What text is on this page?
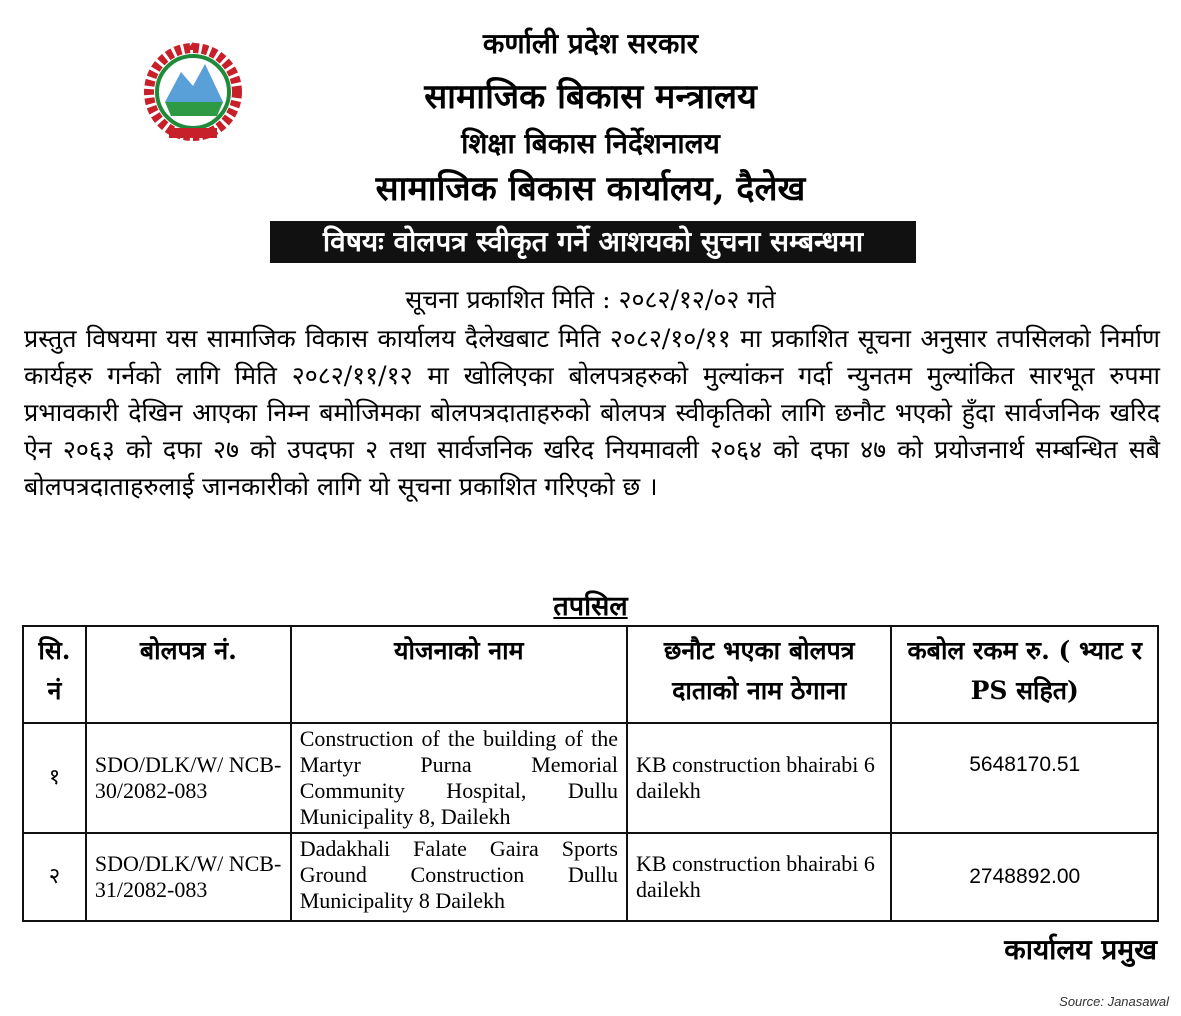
कर्णाली प्रदेश सरकार
सामाजिक बिकास मन्त्रालय
शिक्षा बिकास निर्देशनालय
सामाजिक बिकास कार्यालय, दैलेख
विषयः वोलपत्र स्वीकृत गर्ने आशयको सुचना सम्बन्धमा
सूचना प्रकाशित मिति : २०८२/१२/०२ गते
प्रस्तुत विषयमा यस सामाजिक विकास कार्यालय दैलेखबाट मिति २०८२/१०/११ मा प्रकाशित सूचना अनुसार तपसिलको निर्माण कार्यहरु गर्नको लागि मिति २०८२/११/१२ मा खोलिएका बोलपत्रहरुको मुल्यांकन गर्दा न्युनतम मुल्यांकित सारभूत रुपमा प्रभावकारी देखिन आएका निम्न बमोजिमका बोलपत्रदाताहरुको बोलपत्र स्वीकृतिको लागि छनौट भएको हुँदा सार्वजनिक खरिद ऐन २०६३ को दफा २७ को उपदफा २ तथा सार्वजनिक खरिद नियमावली २०६४ को दफा ४७ को प्रयोजनार्थ सम्बन्धित सबै बोलपत्रदाताहरुलाई जानकारीको लागि यो सूचना प्रकाशित गरिएको छ ।
तपसिल
सि. नं	बोलपत्र नं.	योजनाको नाम	छनौट भएका बोलपत्र दाताको नाम ठेगाना	कबोल रकम रु. ( भ्याट र PS सहित)
१	SDO/DLK/W/ NCB-30/2082-083	Construction of the building of the Martyr Purna Memorial Community Hospital, Dullu Municipality 8, Dailekh	KB construction bhairabi 6 dailekh	5648170.51
२	SDO/DLK/W/ NCB-31/2082-083	Dadakhali Falate Gaira Sports Ground Construction Dullu Municipality 8 Dailekh	KB construction bhairabi 6 dailekh	2748892.00
कार्यालय प्रमुख
Source: Janasawal
